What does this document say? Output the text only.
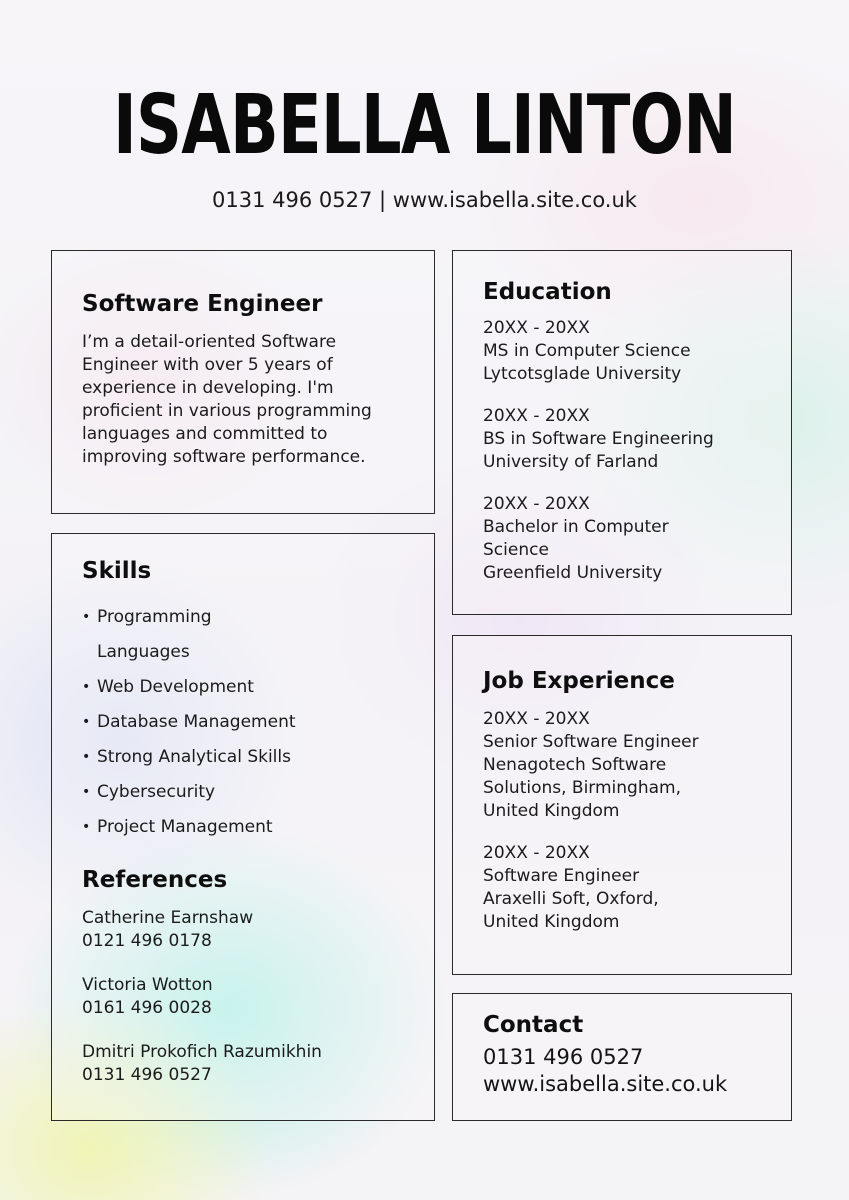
ISABELLA LINTON
0131 496 0527 | www.isabella.site.co.uk
Software Engineer

I’m a detail-oriented Software Engineer with over 5 years of experience in developing. I'm proficient in various programming languages and committed to improving software performance.

Skills
• Programming Languages
• Web Development
• Database Management
• Strong Analytical Skills
• Cybersecurity
• Project Management
References
Catherine Earnshaw
0121 496 0178
Victoria Wotton
0161 496 0028
Dmitri Prokofich Razumikhin
0131 496 0527
Education
20XX - 20XX
MS in Computer Science
Lytcotsglade University
20XX - 20XX
BS in Software Engineering
University of Farland
20XX - 20XX
Bachelor in Computer Science
Greenfield University
Job Experience
20XX - 20XX
Senior Software Engineer
Nenagotech Software Solutions, Birmingham, United Kingdom
20XX - 20XX
Software Engineer
Araxelli Soft, Oxford, United Kingdom
Contact
0131 496 0527
www.isabella.site.co.uk
